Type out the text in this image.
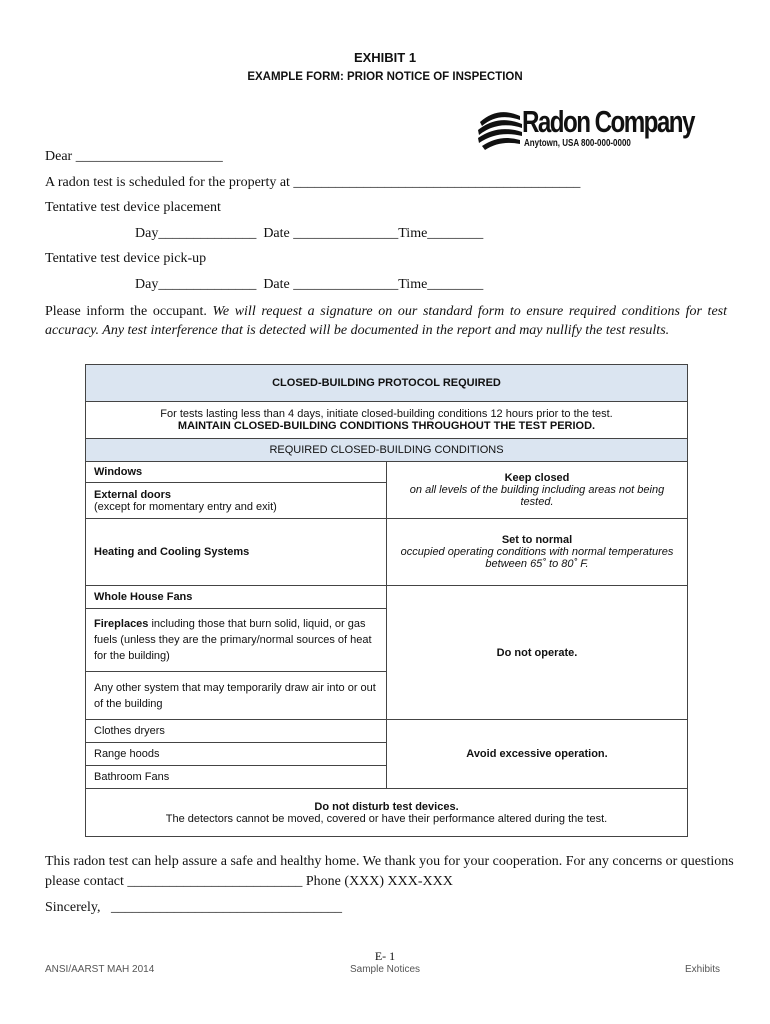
EXHIBIT 1
EXAMPLE FORM: PRIOR NOTICE OF INSPECTION
Radon Company
Anytown, USA 800-000-0000
Dear _____________________
A radon test is scheduled for the property at _________________________________________
Tentative test device placement
Day______________  Date _______________Time________
Tentative test device pick-up
Day______________  Date _______________Time________
Please inform the occupant. We will request a signature on our standard form to ensure required conditions for test accuracy. Any test interference that is detected will be documented in the report and may nullify the test results.
CLOSED-BUILDING PROTOCOL REQUIRED	

For tests lasting less than 4 days, initiate closed-building conditions 12 hours prior to the test.
MAINTAIN CLOSED-BUILDING CONDITIONS THROUGHOUT THE TEST PERIOD.	

REQUIRED CLOSED-BUILDING CONDITIONS	
Windows	Keep closed
on all levels of the building including areas not being tested.

External doors
(except for momentary entry and exit)	

Heating and Cooling Systems	Set to normal
occupied operating conditions with normal temperatures between 65˚ to 80˚ F.

Whole House Fans	Do not operate.
Fireplaces including those that burn solid, liquid, or gas fuels (unless they are the primary/normal sources of heat for the building)	
Any other system that may temporarily draw air into or out of the building	
Clothes dryers	Avoid excessive operation.
Range hoods	
Bathroom Fans	

Do not disturb test devices.
The detectors cannot be moved, covered or have their performance altered during the test.	
This radon test can help assure a safe and healthy home. We thank you for your cooperation. For any concerns or questions please contact _________________________ Phone (XXX) XXX-XXX
Sincerely,   _________________________________
E- 1
ANSI/AARST MAH 2014	Sample Notices	Exhibits
